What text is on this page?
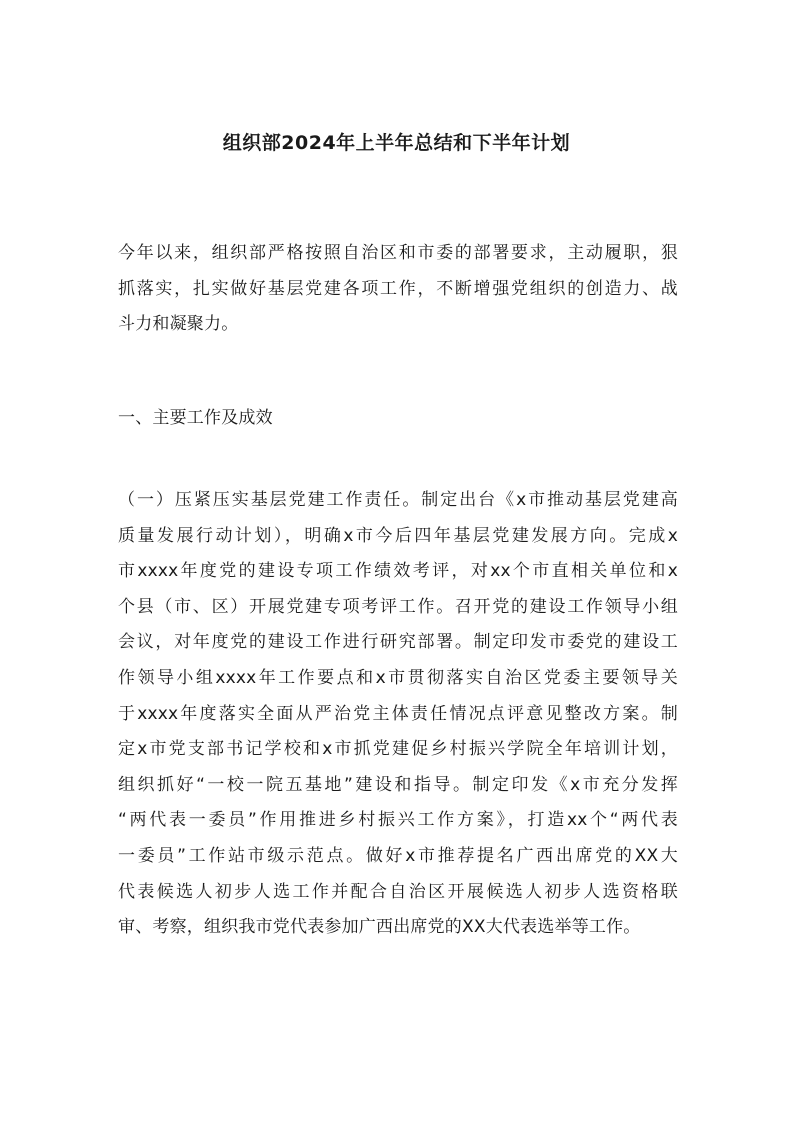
组织部2024年上半年总结和下半年计划
今年以来，组织部严格按照自治区和市委的部署要求，主动履职，狠
抓落实，扎实做好基层党建各项工作，不断增强党组织的创造力、战
斗力和凝聚力。
一、主要工作及成效
（一）压紧压实基层党建工作责任。制定出台《x市推动基层党建高
质量发展行动计划），明确x市今后四年基层党建发展方向。完成x
市xxxx年度党的建设专项工作绩效考评，对xx个市直相关单位和x
个县（市、区）开展党建专项考评工作。召开党的建设工作领导小组
会议，对年度党的建设工作进行研究部署。制定印发市委党的建设工
作领导小组xxxx年工作要点和x市贯彻落实自治区党委主要领导关
于xxxx年度落实全面从严治党主体责任情况点评意见整改方案。制
定x市党支部书记学校和x市抓党建促乡村振兴学院全年培训计划，
组织抓好“一校一院五基地”建设和指导。制定印发《x市充分发挥
“两代表一委员”作用推进乡村振兴工作方案》，打造xx个“两代表
一委员”工作站市级示范点。做好x市推荐提名广西出席党的XX大
代表候选人初步人选工作并配合自治区开展候选人初步人选资格联
审、考察，组织我市党代表参加广西出席党的XX大代表选举等工作。
